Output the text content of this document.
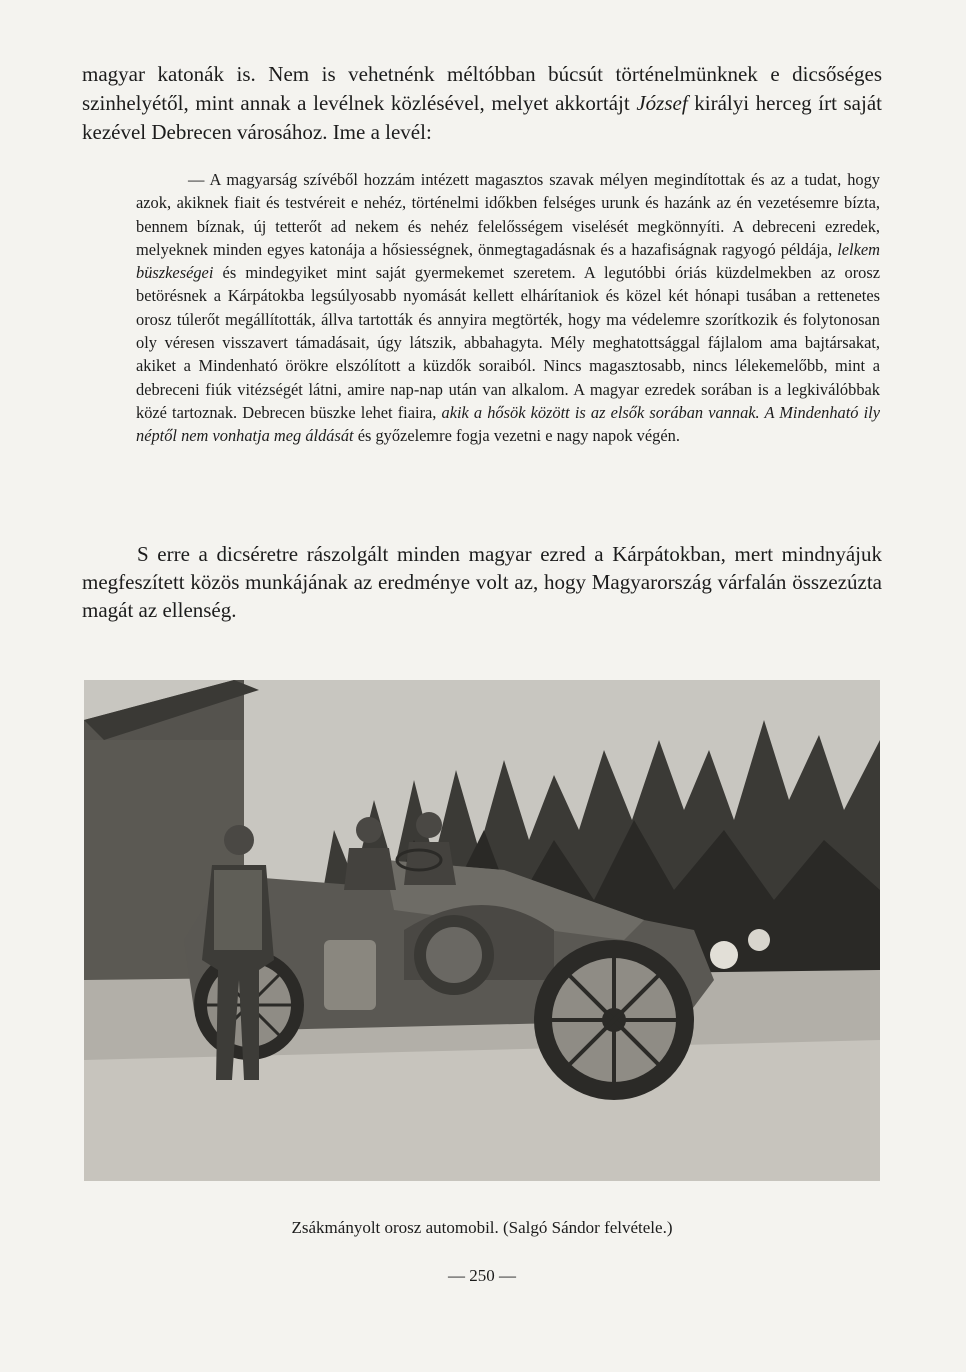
magyar katonák is. Nem is vehetnénk méltóbban búcsút történelmünknek e dicsőséges szinhelyétől, mint annak a levélnek közlésével, melyet akkortájt József királyi herceg írt saját kezével Debrecen városához. Ime a levél:

— A magyarság szívéből hozzám intézett magasztos szavak mélyen megindítottak és az a tudat, hogy azok, akiknek fiait és testvéreit e nehéz, történelmi időkben felséges urunk és hazánk az én vezetésemre bízta, bennem bíznak, új tetterőt ad nekem és nehéz felelősségem viselését megkönnyíti. A debreceni ezredek, melyeknek minden egyes katonája a hősiességnek, önmegtagadásnak és a hazafiságnak ragyogó példája, lelkem büszkeségei és mindegyiket mint saját gyermekemet szeretem. A legutóbbi óriás küzdelmekben az orosz betörésnek a Kárpátokba legsúlyosabb nyomását kellett elhárítaniok és közel két hónapi tusában a rettenetes orosz túlerőt megállították, állva tartották és annyira megtörték, hogy ma védelemre szorítkozik és folytonosan oly véresen visszavert támadásait, úgy látszik, abbahagyta. Mély meghatottsággal fájlalom ama bajtársakat, akiket a Mindenható örökre elszólított a küzdők soraiból. Nincs magasztosabb, nincs lélekemelőbb, mint a debreceni fiúk vitézségét látni, amire nap-nap után van alkalom. A magyar ezredek sorában is a legkiválóbbak közé tartoznak. Debrecen büszke lehet fiaira, akik a hősök között is az elsők sorában vannak. A Mindenható ily néptől nem vonhatja meg áldását és győzelemre fogja vezetni e nagy napok végén.

S erre a dicséretre rászolgált minden magyar ezred a Kárpátokban, mert mindnyájuk megfeszített közös munkájának az eredménye volt az, hogy Magyarország várfalán összezúzta magát az ellenség.

Zsákmányolt orosz automobil. (Salgó Sándor felvétele.)

— 250 —
